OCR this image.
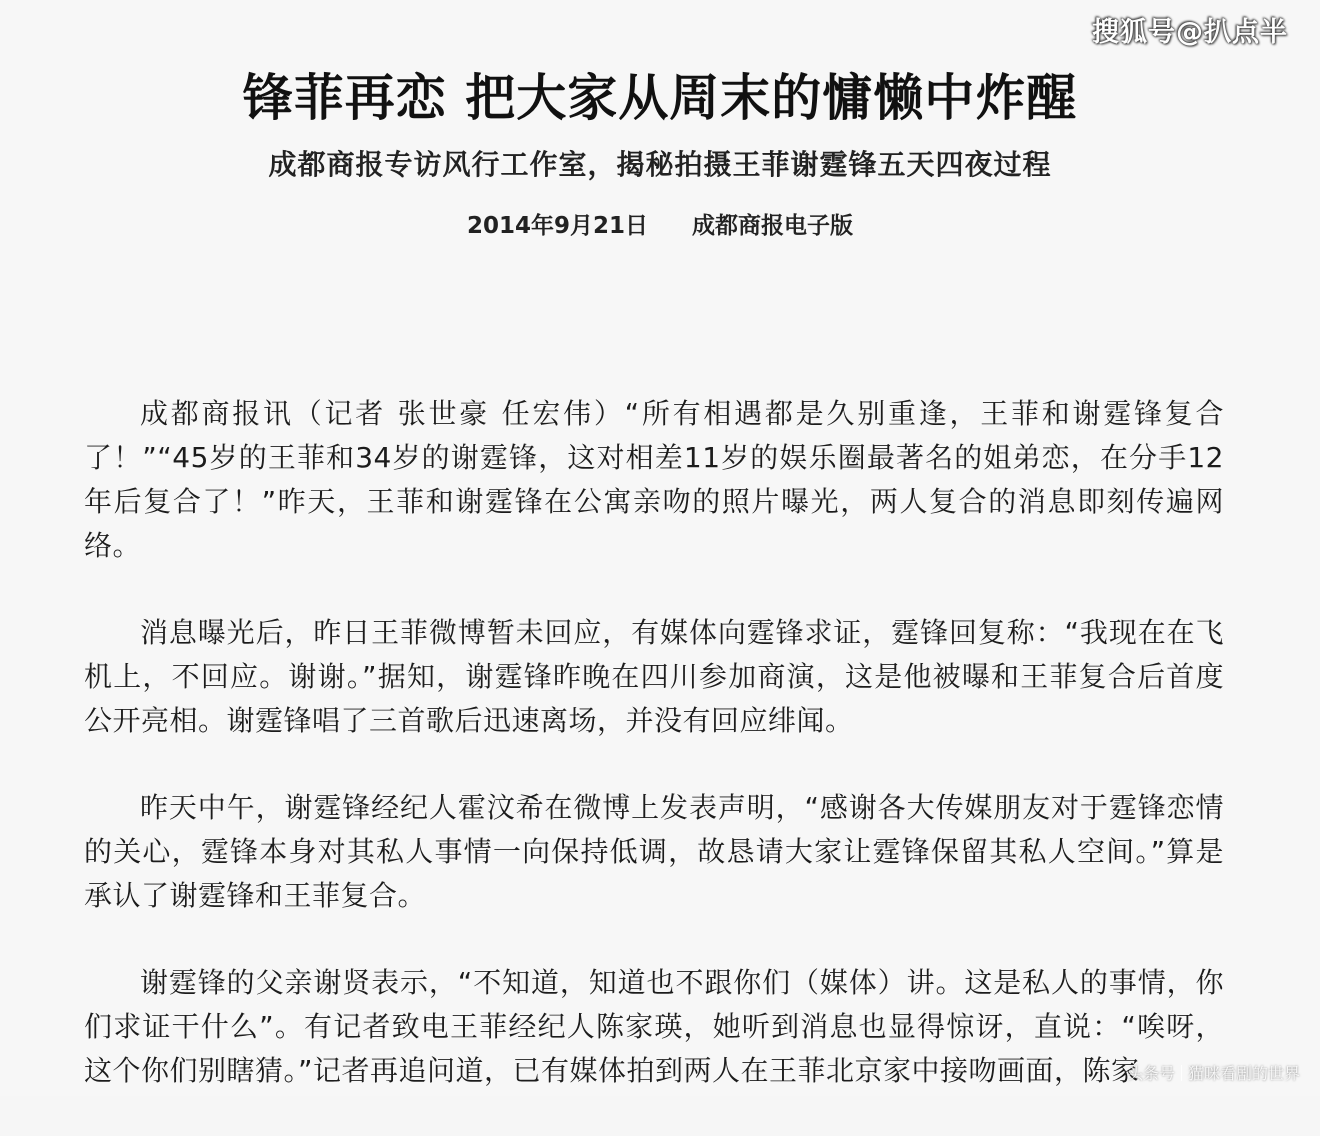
搜狐号@扒点半
锋菲再恋 把大家从周末的慵懒中炸醒
成都商报专访风行工作室，揭秘拍摄王菲谢霆锋五天四夜过程
2014年9月21日 成都商报电子版

成都商报讯（记者 张世豪 任宏伟）“所有相遇都是久别重逢，王菲和谢霆锋复合了！”“45岁的王菲和34岁的谢霆锋，这对相差11岁的娱乐圈最著名的姐弟恋，在分手12年后复合了！”昨天，王菲和谢霆锋在公寓亲吻的照片曝光，两人复合的消息即刻传遍网络。

消息曝光后，昨日王菲微博暂未回应，有媒体向霆锋求证，霆锋回复称：“我现在在飞机上，不回应。谢谢。”据知，谢霆锋昨晚在四川参加商演，这是他被曝和王菲复合后首度公开亮相。谢霆锋唱了三首歌后迅速离场，并没有回应绯闻。

昨天中午，谢霆锋经纪人霍汶希在微博上发表声明，“感谢各大传媒朋友对于霆锋恋情的关心，霆锋本身对其私人事情一向保持低调，故恳请大家让霆锋保留其私人空间。”算是承认了谢霆锋和王菲复合。

谢霆锋的父亲谢贤表示，“不知道，知道也不跟你们（媒体）讲。这是私人的事情，你们求证干什么”。有记者致电王菲经纪人陈家瑛，她听到消息也显得惊讶，直说：“唉呀，这个你们别瞎猜。”记者再追问道，已有媒体拍到两人在王菲北京家中接吻画面，陈家

头条号 猫咪看剧的世界
